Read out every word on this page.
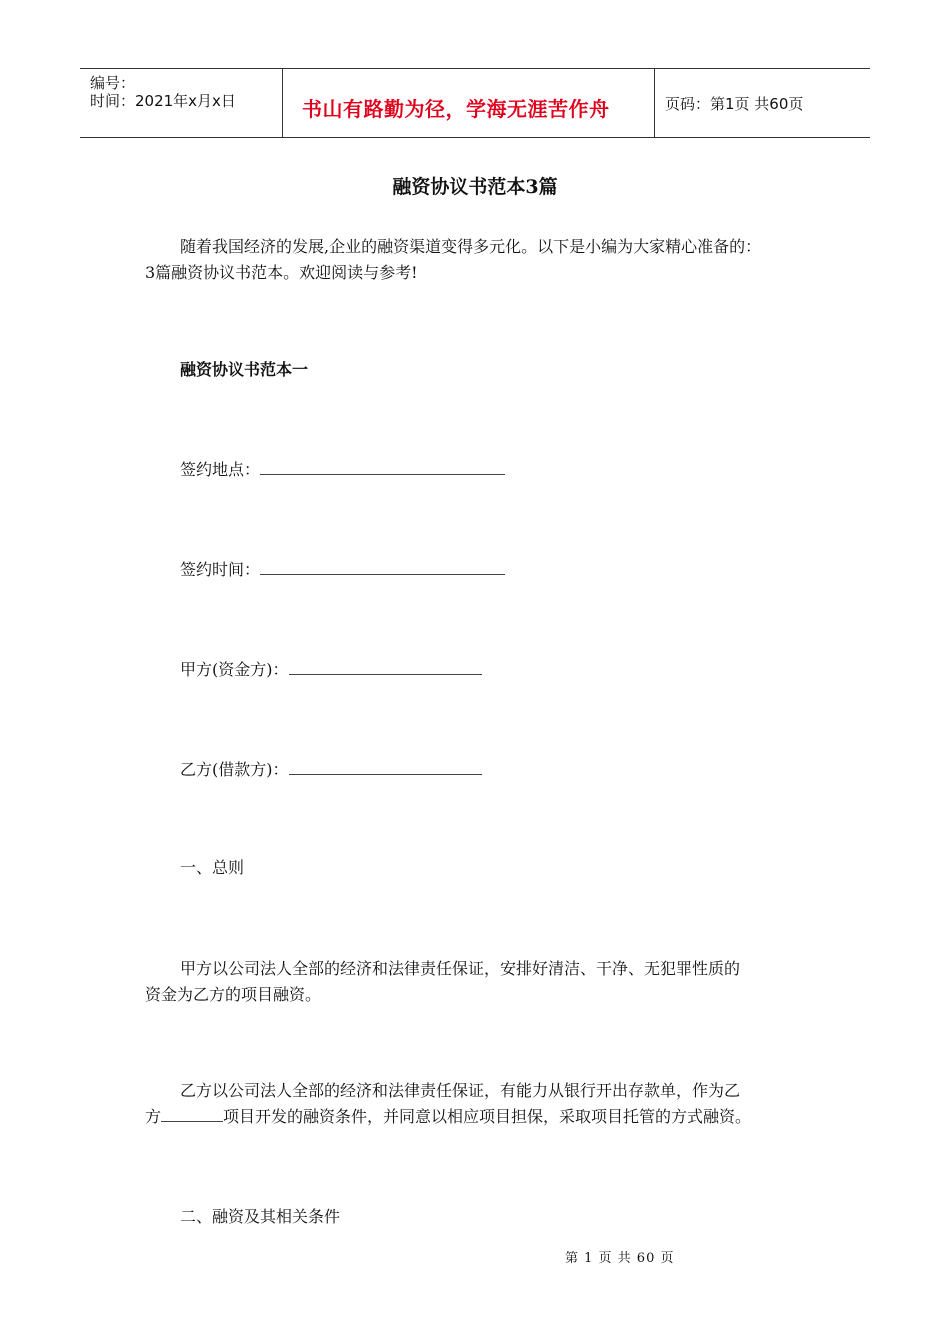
编号：
时间：2021年x月x日	书山有路勤为径，学海无涯苦作舟	页码：第1页 共60页
融资协议书范本3篇
随着我国经济的发展,企业的融资渠道变得多元化。以下是小编为大家精心准备的：
3篇融资协议书范本。欢迎阅读与参考!
融资协议书范本一
签约地点：
签约时间：
甲方(资金方)：
乙方(借款方)：
一、总则
甲方以公司法人全部的经济和法律责任保证，安排好清洁、干净、无犯罪性质的
资金为乙方的项目融资。
乙方以公司法人全部的经济和法律责任保证，有能力从银行开出存款单，作为乙
方	项目开发的融资条件，并同意以相应项目担保，采取项目托管的方式融资。
二、融资及其相关条件
第 1 页 共 60 页
